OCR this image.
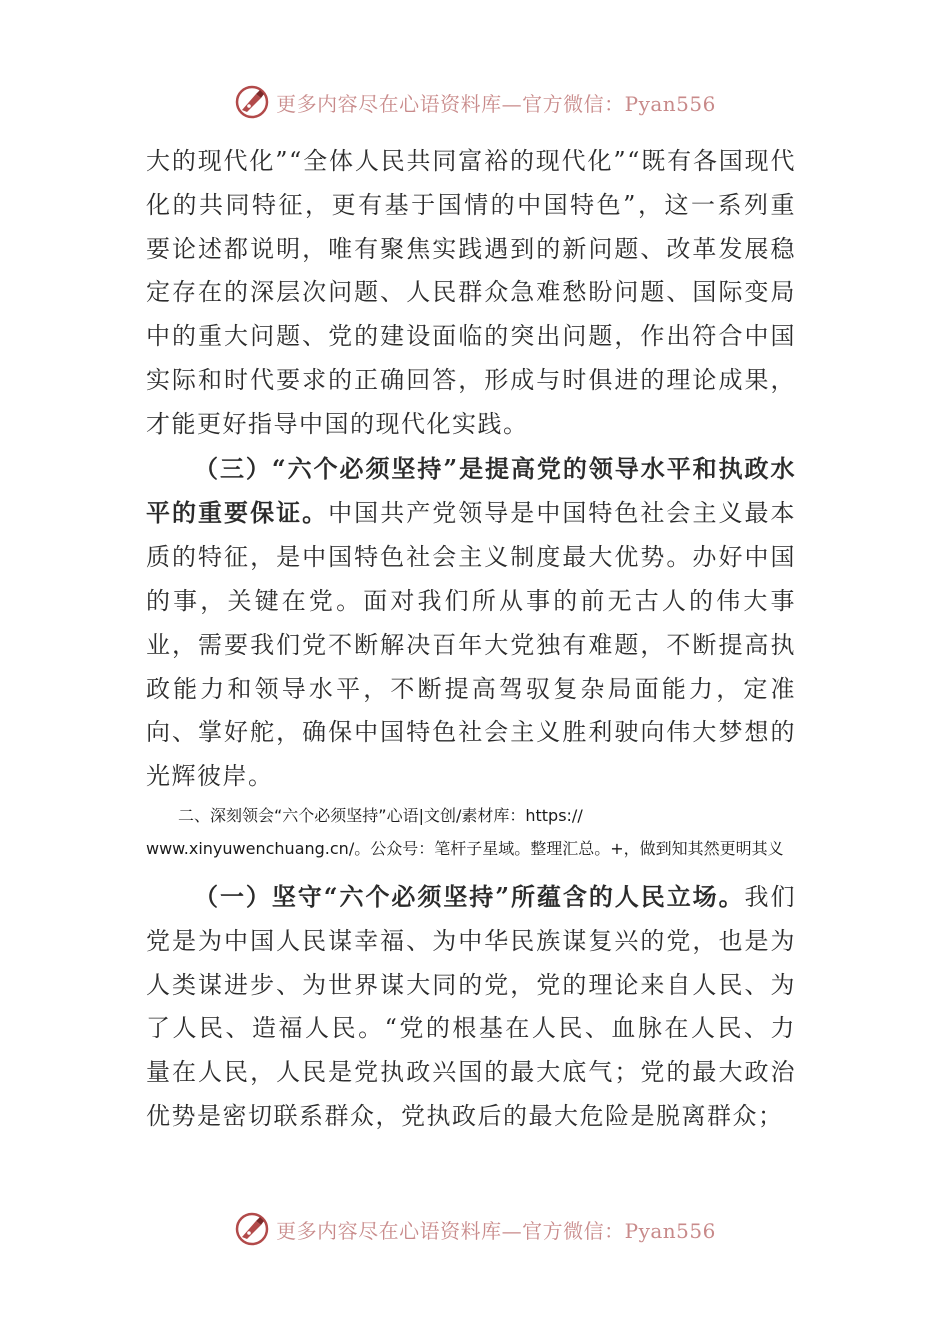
更多内容尽在心语资料库—官方微信：Pyan556

大的现代化”“全体人民共同富裕的现代化”“既有各国现代化的共同特征，更有基于国情的中国特色”，这一系列重要论述都说明，唯有聚焦实践遇到的新问题、改革发展稳定存在的深层次问题、人民群众急难愁盼问题、国际变局中的重大问题、党的建设面临的突出问题，作出符合中国实际和时代要求的正确回答，形成与时俱进的理论成果，才能更好指导中国的现代化实践。

（三）“六个必须坚持”是提高党的领导水平和执政水平的重要保证。中国共产党领导是中国特色社会主义最本质的特征，是中国特色社会主义制度最大优势。办好中国的事，关键在党。面对我们所从事的前无古人的伟大事业，需要我们党不断解决百年大党独有难题，不断提高执政能力和领导水平，不断提高驾驭复杂局面能力，定准向、掌好舵，确保中国特色社会主义胜利驶向伟大梦想的光辉彼岸。

二、深刻领会“六个必须坚持”心语|文创/素材库：https://

www.xinyuwenchuang.cn/。公众号：笔杆子星域。整理汇总。+，做到知其然更明其义

（一）坚守“六个必须坚持”所蕴含的人民立场。我们党是为中国人民谋幸福、为中华民族谋复兴的党，也是为人类谋进步、为世界谋大同的党，党的理论来自人民、为了人民、造福人民。“党的根基在人民、血脉在人民、力量在人民，人民是党执政兴国的最大底气；党的最大政治优势是密切联系群众，党执政后的最大危险是脱离群众；

更多内容尽在心语资料库—官方微信：Pyan556
